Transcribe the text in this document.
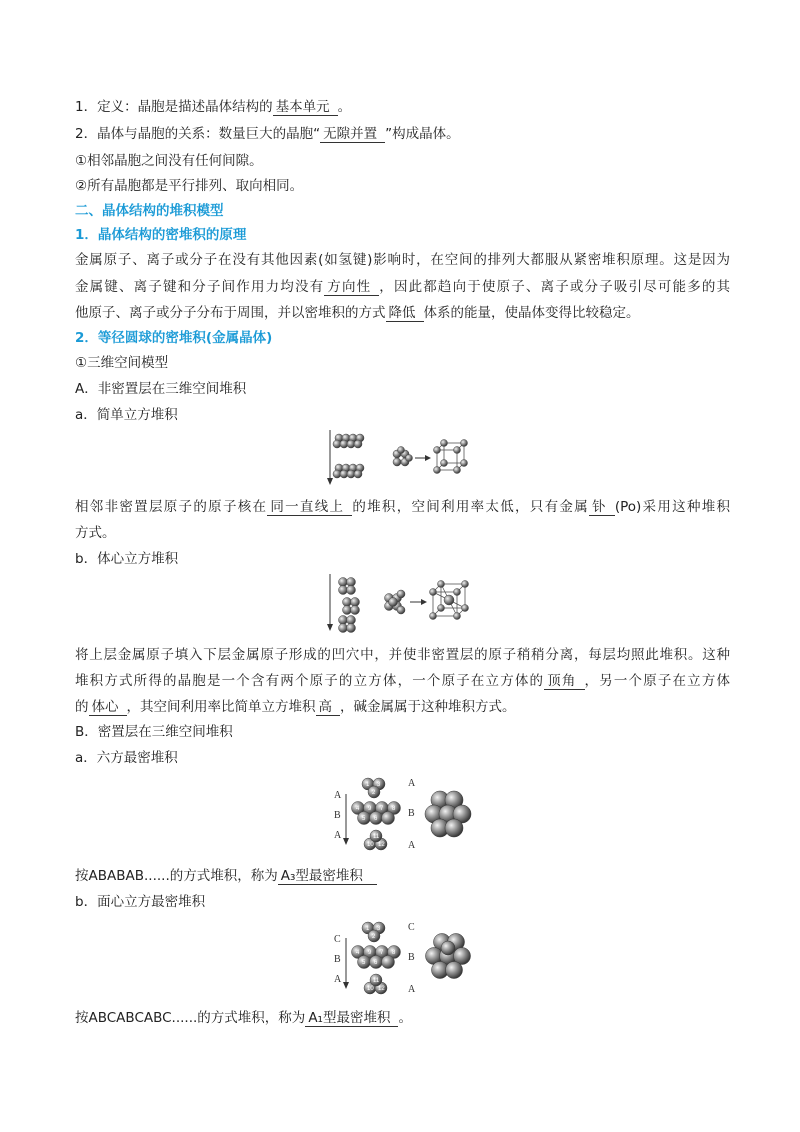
1．定义：晶胞是描述晶体结构的 基本单元 。
2．晶体与晶胞的关系：数量巨大的晶胞“ 无隙并置 ”构成晶体。
①相邻晶胞之间没有任何间隙。
②所有晶胞都是平行排列、取向相同。
二、晶体结构的堆积模型
1．晶体结构的密堆积的原理
金属原子、离子或分子在没有其他因素(如氢键)影响时，在空间的排列大都服从紧密堆积原理。这是因为
金属键、离子键和分子间作用力均没有 方向性 ，因此都趋向于使原子、离子或分子吸引尽可能多的其
他原子、离子或分子分布于周围，并以密堆积的方式 降低 体系的能量，使晶体变得比较稳定。
2．等径圆球的密堆积(金属晶体)
①三维空间模型
A．非密置层在三维空间堆积
a．简单立方堆积
相邻非密置层原子的原子核在 同一直线上 的堆积，空间利用率太低，只有金属 钋 (Po)采用这种堆积
方式。
b．体心立方堆积
将上层金属原子填入下层金属原子形成的凹穴中，并使非密置层的原子稍稍分离，每层均照此堆积。这种
堆积方式所得的晶胞是一个含有两个原子的立方体，一个原子在立方体的 顶角 ，另一个原子在立方体
的 体心 ，其空间利用率比简单立方堆积 高 ，碱金属属于这种堆积方式。
B．密置层在三维空间堆积
a．六方最密堆积
A
B
A
1 3
2
4 9 7 8
5 6
10 12
11
A
B
A
按ABABAB......的方式堆积，称为 A₃型最密堆积
b．面心立方最密堆积
C
B
A
1 3
2
4 9 7 8
5 6
10 12
11
C
B
A
按ABCABCABC......的方式堆积，称为 A₁型最密堆积 。
